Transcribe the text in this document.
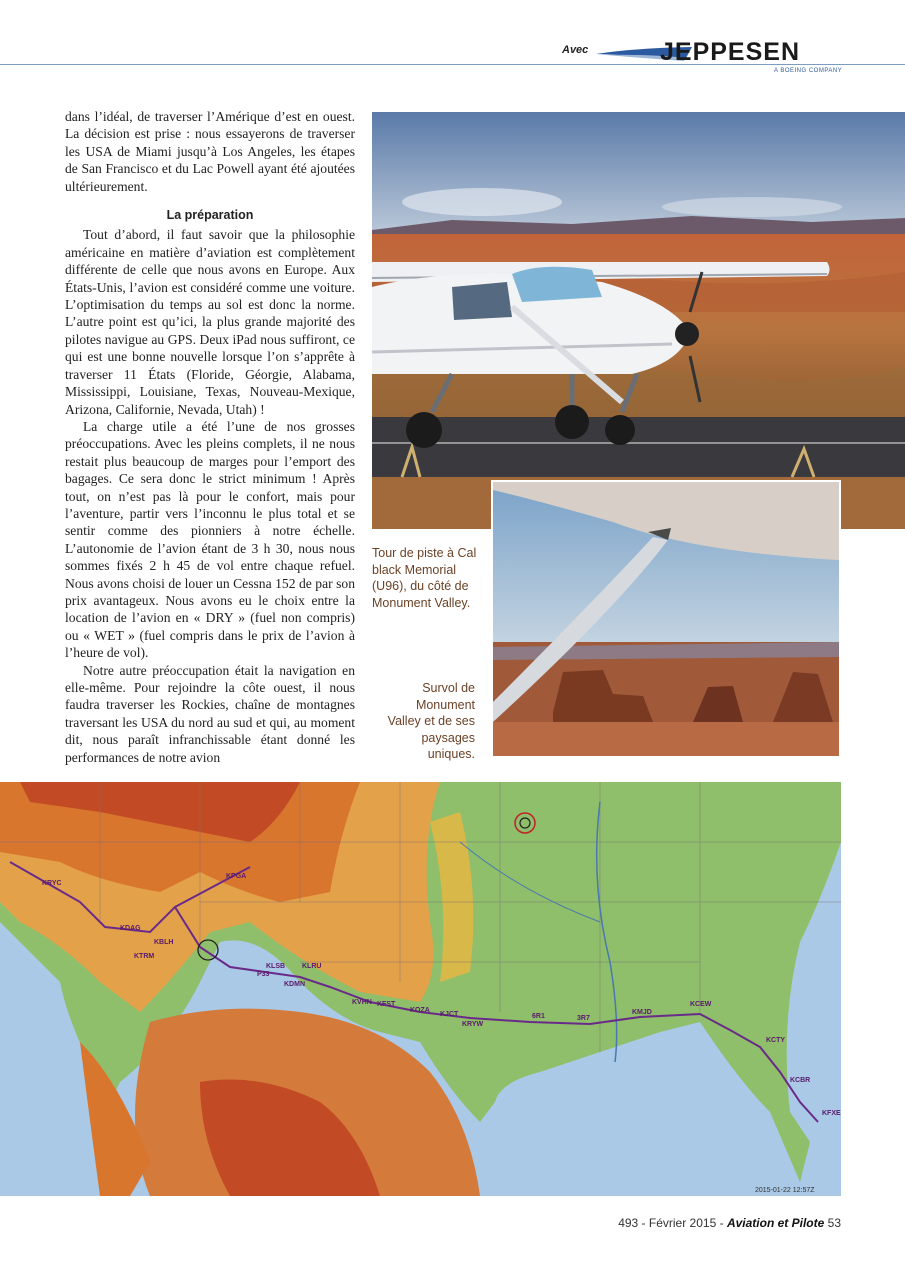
Avec	JEPPESEN
A BOEING COMPANY

dans l’idéal, de traverser l’Amérique d’est en ouest. La décision est prise : nous essayerons de traverser les USA de Miami jusqu’à Los Angeles, les étapes de San Francisco et du Lac Powell ayant été ajoutées ultérieurement.

La préparation

Tout d’abord, il faut savoir que la philosophie américaine en matière d’aviation est complètement différente de celle que nous avons en Europe. Aux États-Unis, l’avion est considéré comme une voiture. L’optimisation du temps au sol est donc la norme. L’autre point est qu’ici, la plus grande majorité des pilotes navigue au GPS. Deux iPad nous suffiront, ce qui est une bonne nouvelle lorsque l’on s’apprête à traverser 11 États (Floride, Géorgie, Alabama, Mississippi, Louisiane, Texas, Nouveau-Mexique, Arizona, Californie, Nevada, Utah) !

La charge utile a été l’une de nos grosses préoccupations. Avec les pleins complets, il ne nous restait plus beaucoup de marges pour l’emport des bagages. Ce sera donc le strict minimum ! Après tout, on n’est pas là pour le confort, mais pour l’aventure, partir vers l’inconnu le plus total et se sentir comme des pionniers à notre échelle. L’autonomie de l’avion étant de 3 h 30, nous nous sommes fixés 2 h 45 de vol entre chaque refuel. Nous avons choisi de louer un Cessna 152 de par son prix avantageux. Nous avons eu le choix entre la location de l’avion en « DRY » (fuel non compris) ou « WET » (fuel compris dans le prix de l’avion à l’heure de vol).

Notre autre préoccupation était la navigation en elle-même. Pour rejoindre la côte ouest, il nous faudra traverser les Rockies, chaîne de montagnes traversant les USA du nord au sud et qui, au moment dit, nous paraît infranchissable étant donné les performances de notre avion

Tour de piste à Cal black Memorial (U96), du côté de Monument Valley.
Survol de Monument Valley et de ses paysages uniques.
KRYC
KDAG
KTRM
KBLH
KPGA
P33
KLSB KLRU
KDMN
KVHN KFST
KOZA
KJCT
KRYW
6R1	3R7
KMJD
KCEW
KCTY
KCBR
KFXE
2015-01-22 12:57Z
493 - Février 2015 - Aviation et Pilote 53
